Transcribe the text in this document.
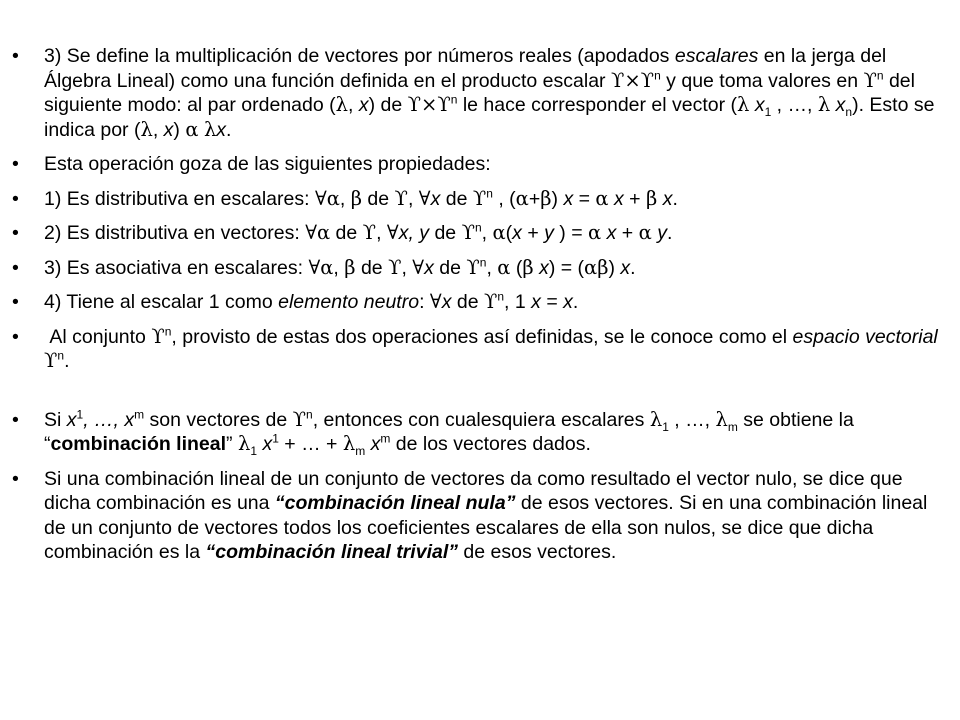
• 3) Se define la multiplicación de vectores por números reales (apodados escalares en la jerga del Álgebra Lineal) como una función definida en el producto escalar $ϒ\times ϒ^n$ y que toma valores en $ϒ^n$ del siguiente modo: al par ordenado (λ, x) de $ϒ\times ϒ^n$ le hace corresponder el vector (λ $x_1$ , …, λ $x_n$). Esto se indica por (λ, x) α λx.
• Esta operación goza de las siguientes propiedades:
• 1) Es distributiva en escalares: ∀α, β de ϒ, ∀x de $ϒ^n$ , (α+β) x = α x + β x.
• 2) Es distributiva en vectores: ∀α de ϒ, ∀x, y de $ϒ^n$, α(x + y ) = α x + α y.
• 3) Es asociativa en escalares: ∀α, β de ϒ, ∀x de $ϒ^n$, α (β x) = (αβ) x.
• 4) Tiene al escalar 1 como elemento neutro: ∀x de $ϒ^n$, 1 x = x.
•  Al conjunto $ϒ^n$, provisto de estas dos operaciones así definidas, se le conoce como el espacio vectorial $ϒ^n$.
• Si $x^1$, …, $x^m$ son vectores de $ϒ^n$, entonces con cualesquiera escalares $\lambda_1$ , …, $\lambda_m$ se obtiene la “combinación lineal” $\lambda_1$ $x^1$ + … + $\lambda_m$ $x^m$ de los vectores dados.
• Si una combinación lineal de un conjunto de vectores da como resultado el vector nulo, se dice que dicha combinación es una “combinación lineal nula” de esos vectores. Si en una combinación lineal de un conjunto de vectores todos los coeficientes escalares de ella son nulos, se dice que dicha combinación es la “combinación lineal trivial” de esos vectores.
